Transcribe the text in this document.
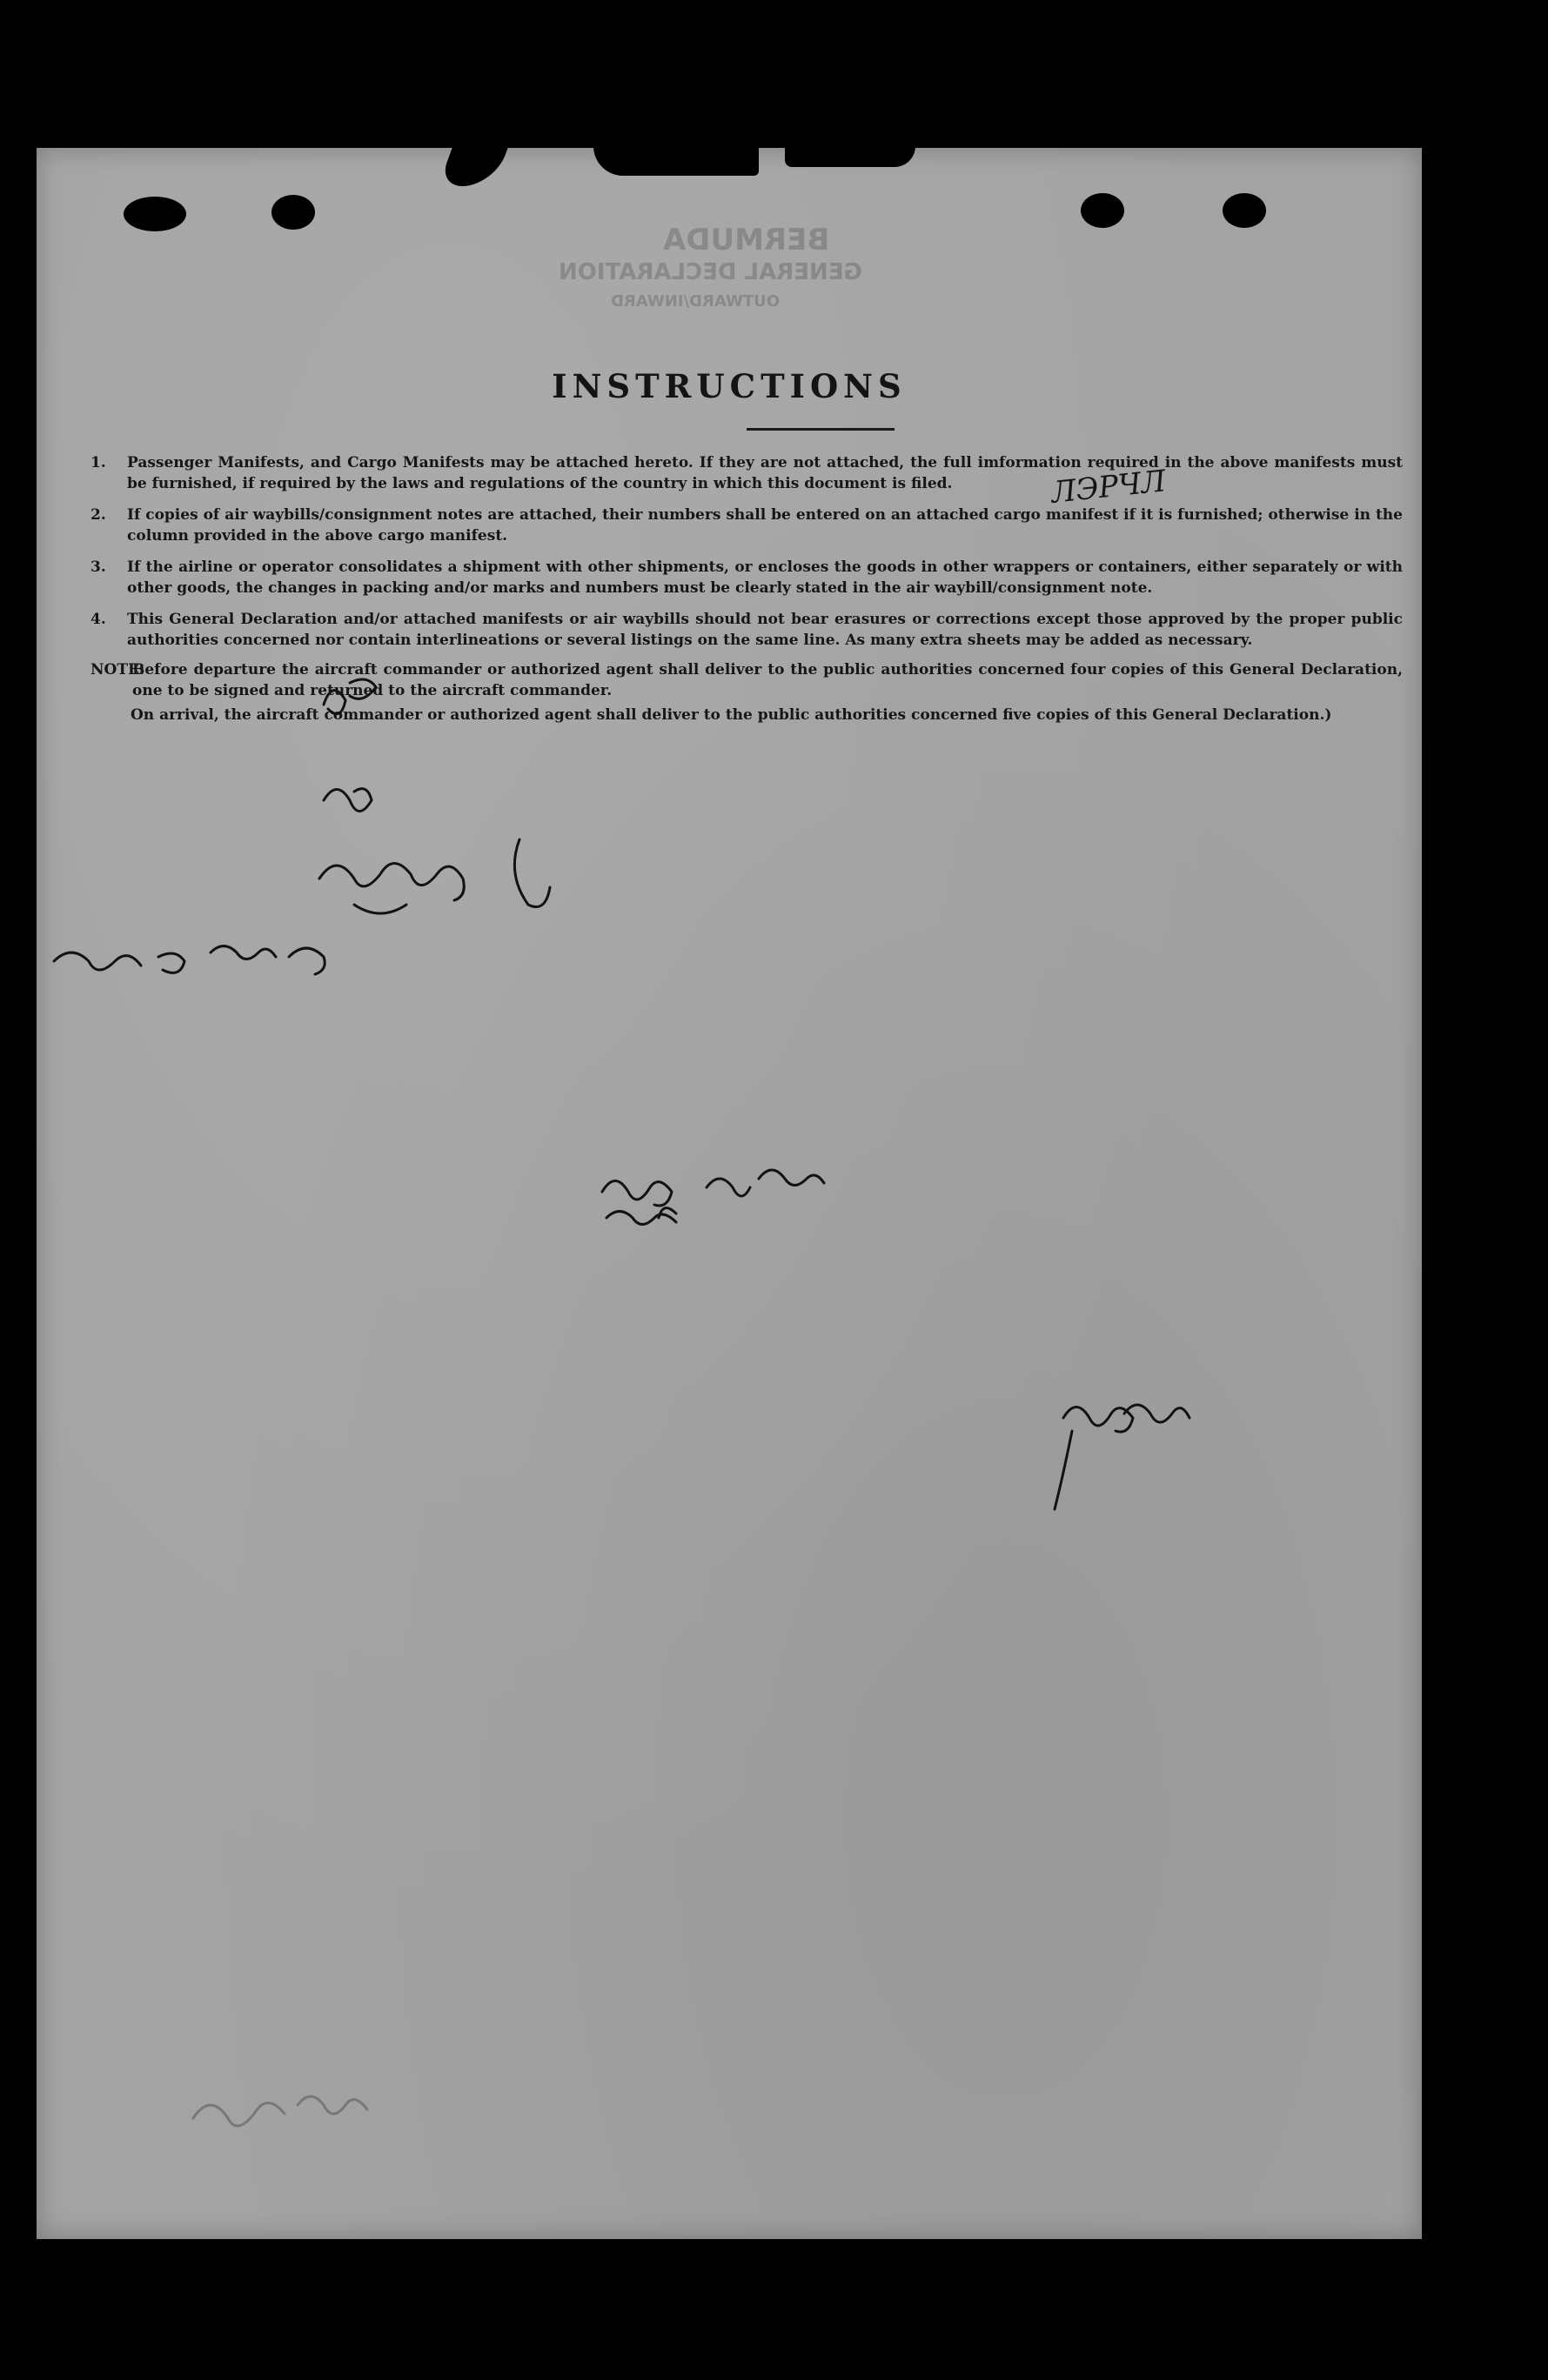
BERMUDA
GENERAL DECLARATION
OUTWARD/INWARD
ЛЭРЧЛ
INSTRUCTIONS
1.	Passenger Manifests, and Cargo Manifests may be attached hereto. If they are not attached, the full imformation required in the above manifests must be furnished, if required by the laws and regulations of the country in which this document is filed.
2.	If copies of air waybills/consignment notes are attached, their numbers shall be entered on an attached cargo manifest if it is furnished; otherwise in the column provided in the above cargo manifest.
3.	If the airline or operator consolidates a shipment with other shipments, or encloses the goods in other wrappers or containers, either separately or with other goods, the changes in packing and/or marks and numbers must be clearly stated in the air waybill/consignment note.
4.	This General Declaration and/or attached manifests or air waybills should not bear erasures or corrections except those approved by the proper public authorities concerned nor contain interlineations or several listings on the same line. As many extra sheets may be added as necessary.
NOTE:
Before departure the aircraft commander or authorized agent shall deliver to the public authorities concerned four copies of this General Declaration, one to be signed and returned to the aircraft commander.
On arrival, the aircraft commander or authorized agent shall deliver to the public authorities concerned five copies of this General Declaration.)
